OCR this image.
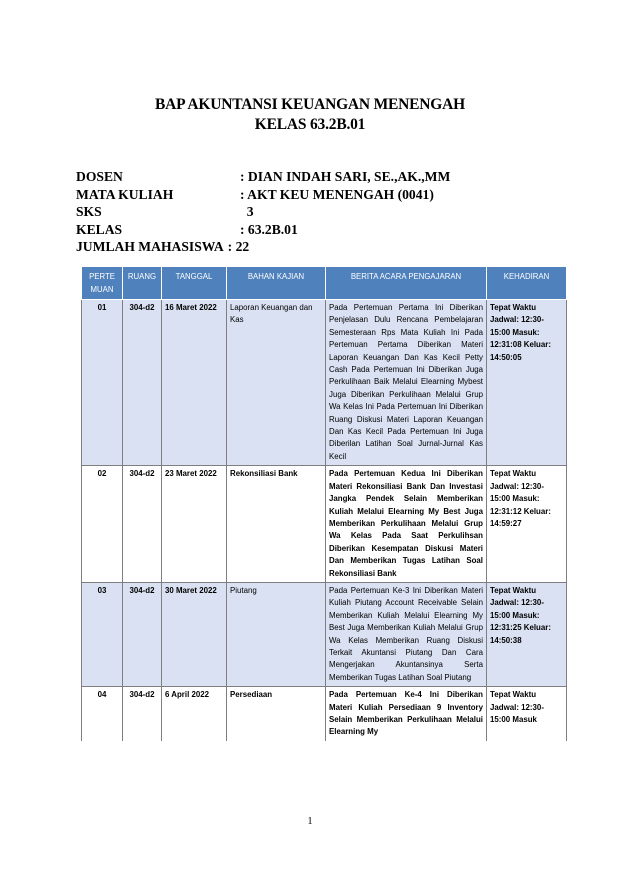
BAP AKUNTANSI KEUANGAN MENENGAH
KELAS 63.2B.01
DOSEN	: DIAN INDAH SARI, SE.,AK.,MM
MATA KULIAH	: AKT KEU MENENGAH (0041)
SKS	3
KELAS	: 63.2B.01
JUMLAH MAHASISWA : 22
PERTE MUAN	RUANG	TANGGAL	BAHAN KAJIAN	BERITA ACARA PENGAJARAN	KEHADIRAN
01	304-d2	16 Maret 2022	Laporan Keuangan dan Kas	Pada Pertemuan Pertama Ini Diberikan Penjelasan Dulu Rencana Pembelajaran Semesteraan Rps Mata Kuliah Ini Pada Pertemuan Pertama Diberikan Materi Laporan Keuangan Dan Kas Kecil Petty Cash Pada Pertemuan Ini Diberikan Juga Perkulihaan Baik Melalui Elearning Mybest Juga Diberikan Perkulihaan Melalui Grup Wa Kelas Ini Pada Pertemuan Ini Diberikan Ruang Diskusi Materi Laporan Keuangan Dan Kas Kecil Pada Pertemuan Ini Juga Diberilan Latihan Soal Jurnal-Jurnal Kas Kecil	Tepat Waktu Jadwal: 12:30-15:00 Masuk: 12:31:08 Keluar: 14:50:05
02	304-d2	23 Maret 2022	Rekonsiliasi Bank	Pada Pertemuan Kedua Ini Diberikan Materi Rekonsiliasi Bank Dan Investasi Jangka Pendek Selain Memberikan Kuliah Melalui Elearning My Best Juga Memberikan Perkulihaan Melalui Grup Wa Kelas Pada Saat Perkulihsan Diberikan Kesempatan Diskusi Materi Dan Memberikan Tugas Latihan Soal Rekonsiliasi Bank	Tepat Waktu Jadwal: 12:30-15:00 Masuk: 12:31:12 Keluar: 14:59:27
03	304-d2	30 Maret 2022	Piutang	Pada Pertemuan Ke-3 Ini Diberikan Materi Kuliah Piutang Account Receivable Selain Memberikan Kuliah Melalui Elearning My Best Juga Memberikan Kuliah Melalui Grup Wa Kelas Memberikan Ruang Diskusi Terkait Akuntansi Piutang Dan Cara Mengerjakan Akuntansinya Serta Memberikan Tugas Latihan Soal Piutang	Tepat Waktu Jadwal: 12:30-15:00 Masuk: 12:31:25 Keluar: 14:50:38
04	304-d2	6 April 2022	Persediaan	Pada Pertemuan Ke-4 Ini Diberikan Materi Kuliah Persediaan 9 Inventory Selain Memberikan Perkulihaan Melalui Elearning My	Tepat Waktu Jadwal: 12:30-15:00 Masuk
1
